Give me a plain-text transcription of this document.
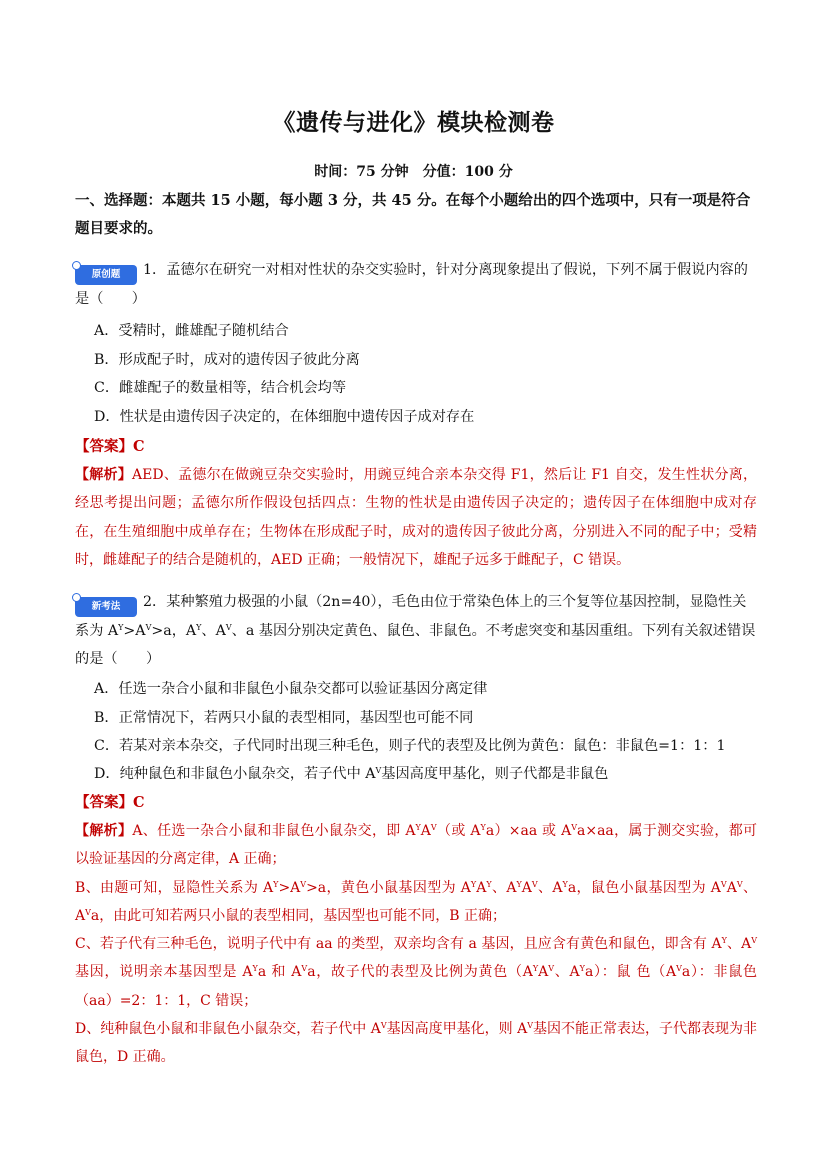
《遗传与进化》模块检测卷
时间：75 分钟　分值：100 分
一、选择题：本题共 15 小题，每小题 3 分，共 45 分。在每个小题给出的四个选项中，只有一项是符合题目要求的。
原创题 1．孟德尔在研究一对相对性状的杂交实验时，针对分离现象提出了假说，下列不属于假说内容的是（　　）
A．受精时，雌雄配子随机结合
B．形成配子时，成对的遗传因子彼此分离
C．雌雄配子的数量相等，结合机会均等
D．性状是由遗传因子决定的，在体细胞中遗传因子成对存在
【答案】C
【解析】AED、孟德尔在做豌豆杂交实验时，用豌豆纯合亲本杂交得 F1，然后让 F1 自交，发生性状分离，经思考提出问题；孟德尔所作假设包括四点：生物的性状是由遗传因子决定的；遗传因子在体细胞中成对存在，在生殖细胞中成单存在；生物体在形成配子时，成对的遗传因子彼此分离，分别进入不同的配子中；受精时，雌雄配子的结合是随机的，AED 正确；一般情况下，雄配子远多于雌配子，C 错误。
新考法 2．某种繁殖力极强的小鼠（2n=40），毛色由位于常染色体上的三个复等位基因控制，显隐性关系为 $A^Y>A^V>a$，$A^Y$、$A^V$、a 基因分别决定黄色、鼠色、非鼠色。不考虑突变和基因重组。下列有关叙述错误的是（　　）
A．任选一杂合小鼠和非鼠色小鼠杂交都可以验证基因分离定律
B．正常情况下，若两只小鼠的表型相同，基因型也可能不同
C．若某对亲本杂交，子代同时出现三种毛色，则子代的表型及比例为黄色：鼠色：非鼠色=1：1：1
D．纯种鼠色和非鼠色小鼠杂交，若子代中 $A^V$基因高度甲基化，则子代都是非鼠色
【答案】C
【解析】A、任选一杂合小鼠和非鼠色小鼠杂交，即 $A^YA^V$（或 $A^Ya)\times aa$ 或 $A^Va\times aa$，属于测交实验，都可以验证基因的分离定律，A 正确；
B、由题可知，显隐性关系为 $A^Y>A^V>a$，黄色小鼠基因型为 $A^YA^Y$、$A^YA^V$、$A^Ya$，鼠色小鼠基因型为 $A^VA^V$、$A^Va$，由此可知若两只小鼠的表型相同，基因型也可能不同，B 正确；
C、若子代有三种毛色，说明子代中有 aa 的类型，双亲均含有 a 基因，且应含有黄色和鼠色，即含有 $A^Y$、$A^V$基因，说明亲本基因型是 $A^Ya$ 和 $A^Va$，故子代的表型及比例为黄色（$A^YA^V$、$A^Ya$）：鼠 色$(A^Va)$：非鼠色（aa）=2：1：1，C 错误；
D、纯种鼠色小鼠和非鼠色小鼠杂交，若子代中 $A^V$基因高度甲基化，则 $A^V$基因不能正常表达，子代都表现为非鼠色，D 正确。
